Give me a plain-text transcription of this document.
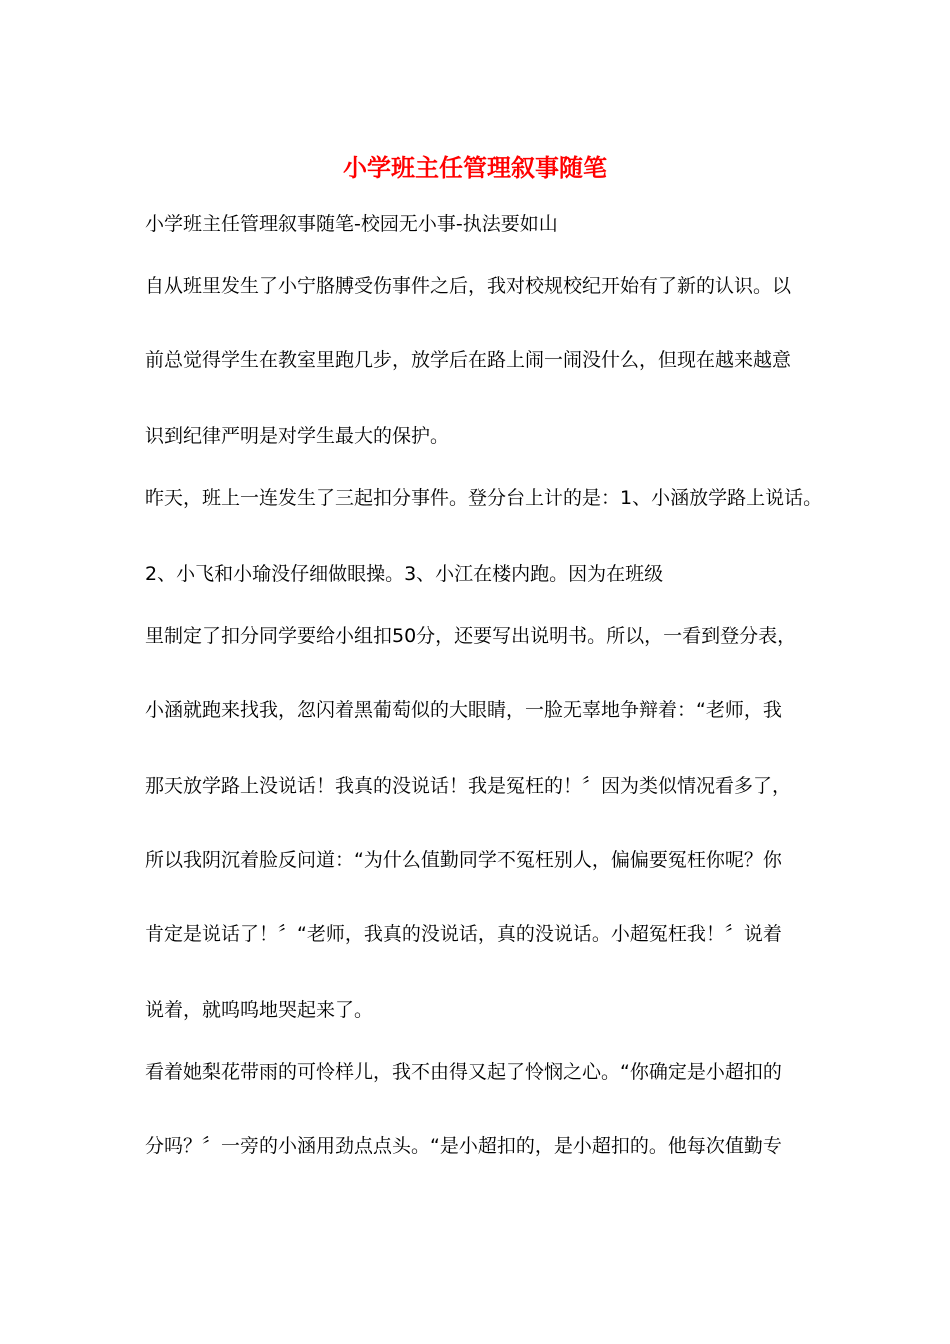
小学班主任管理叙事随笔

小学班主任管理叙事随笔-校园无小事-执法要如山

自从班里发生了小宁胳膊受伤事件之后，我对校规校纪开始有了新的认识。以

前总觉得学生在教室里跑几步，放学后在路上闹一闹没什么，但现在越来越意

识到纪律严明是对学生最大的保护。

昨天，班上一连发生了三起扣分事件。登分台上计的是：1、小涵放学路上说话。

2、小飞和小瑜没仔细做眼操。3、小江在楼内跑。因为在班级

里制定了扣分同学要给小组扣50分，还要写出说明书。所以，一看到登分表，

小涵就跑来找我，忽闪着黑葡萄似的大眼睛，一脸无辜地争辩着：“老师，我

那天放学路上没说话！我真的没说话！我是冤枉的！〞因为类似情况看多了，

所以我阴沉着脸反问道：“为什么值勤同学不冤枉别人，偏偏要冤枉你呢？你

肯定是说话了！〞“老师，我真的没说话，真的没说话。小超冤枉我！〞说着

说着，就呜呜地哭起来了。

看着她梨花带雨的可怜样儿，我不由得又起了怜悯之心。“你确定是小超扣的

分吗？〞一旁的小涵用劲点点头。“是小超扣的，是小超扣的。他每次值勤专
